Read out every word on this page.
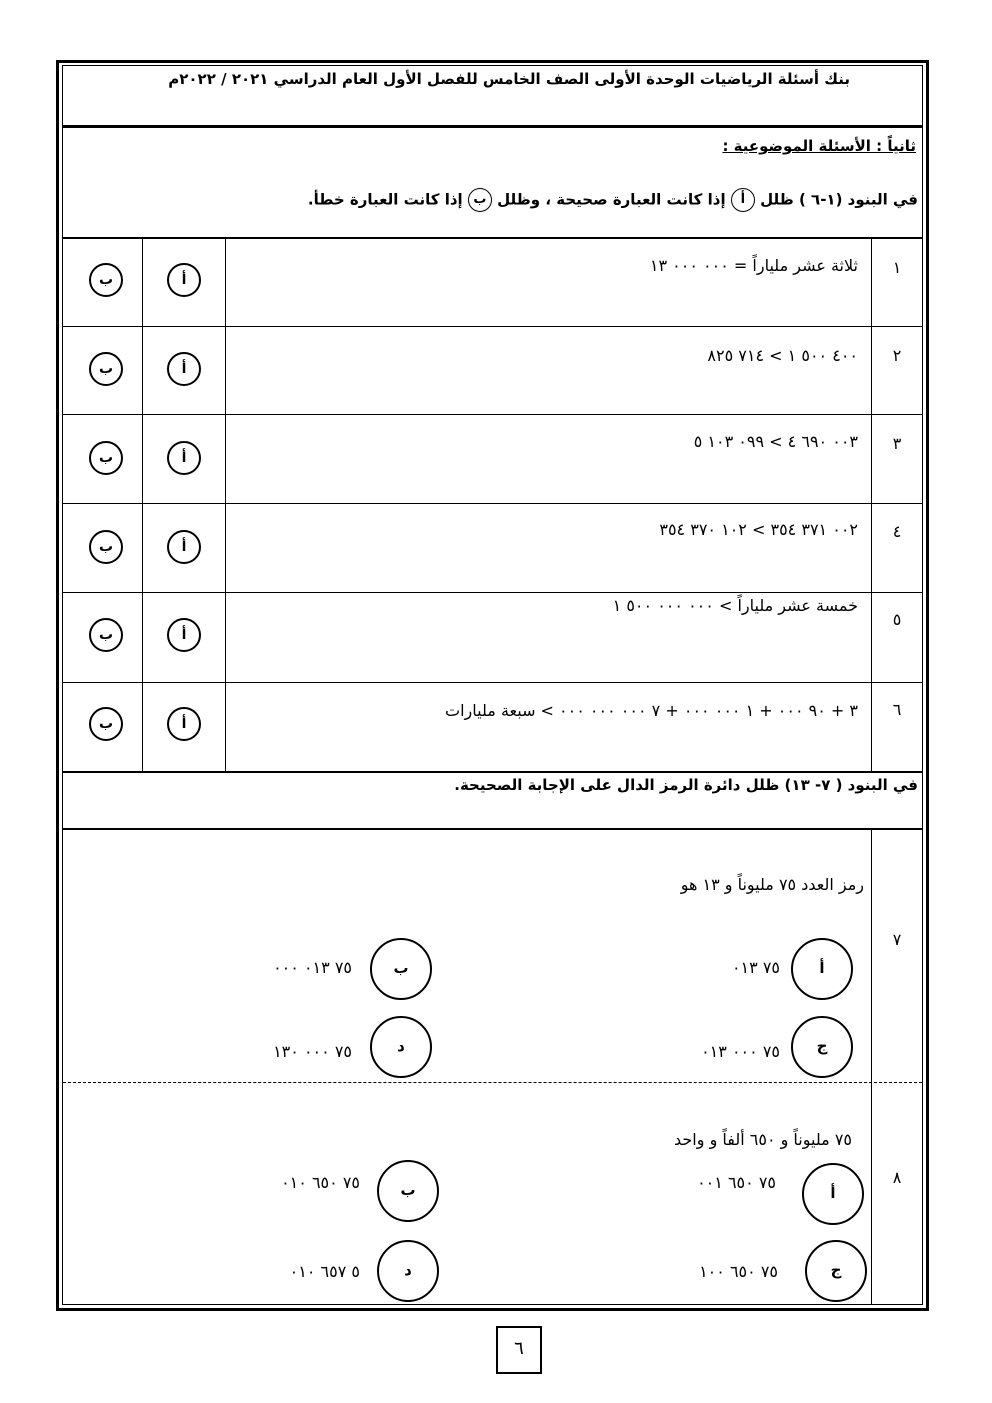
بنك أسئلة الرياضيات الوحدة الأولى الصف الخامس للفصل الأول العام الدراسي ٢٠٢١ / ٢٠٢٢م
ثانياً : الأسئلة الموضوعية :
في البنود (١-٦ ) ظلل أ إذا كانت العبارة صحيحة ، وظلل ب إذا كانت العبارة خطأ.
١
ثلاثة عشر ملياراً = ٠٠٠ ٠٠٠ ١٣
أ
ب
٢
٤٠٠ ٥٠٠ ١ > ٧١٤ ٨٢٥
أ
ب
٣
٠٠٣ ٦٩٠ ٤ > ٠٩٩ ١٠٣ ٥
أ
ب
٤
٠٠٢ ٣٧١ ٣٥٤ > ١٠٢ ٣٧٠ ٣٥٤
أ
ب
٥
خمسة عشر ملياراً > ٠٠٠ ٠٠٠ ٥٠٠ ١
أ
ب
٦
٣ + ٩٠ ٠٠٠ + ١ ٠٠٠ ٠٠٠ + ٧ ٠٠٠ ٠٠٠ ٠٠٠ > سبعة مليارات
أ
ب
في البنود ( ٧- ١٣) ظلل دائرة الرمز الدال على الإجابة الصحيحة.
٧
رمز العدد ٧٥ مليوناً و ١٣ هو
أ
٧٥ ٠١٣
ب
٧٥ ٠١٣ ٠٠٠
ج
٧٥ ٠٠٠ ٠١٣
د
٧٥ ٠٠٠ ١٣٠
٨
٧٥ مليوناً و ٦٥٠ ألفاً و واحد
أ
٧٥ ٦٥٠ ٠٠١
ب
٧٥ ٦٥٠ ٠١٠
ج
٧٥ ٦٥٠ ١٠٠
د
٥ ٦٥٧ ٠١٠
٦
